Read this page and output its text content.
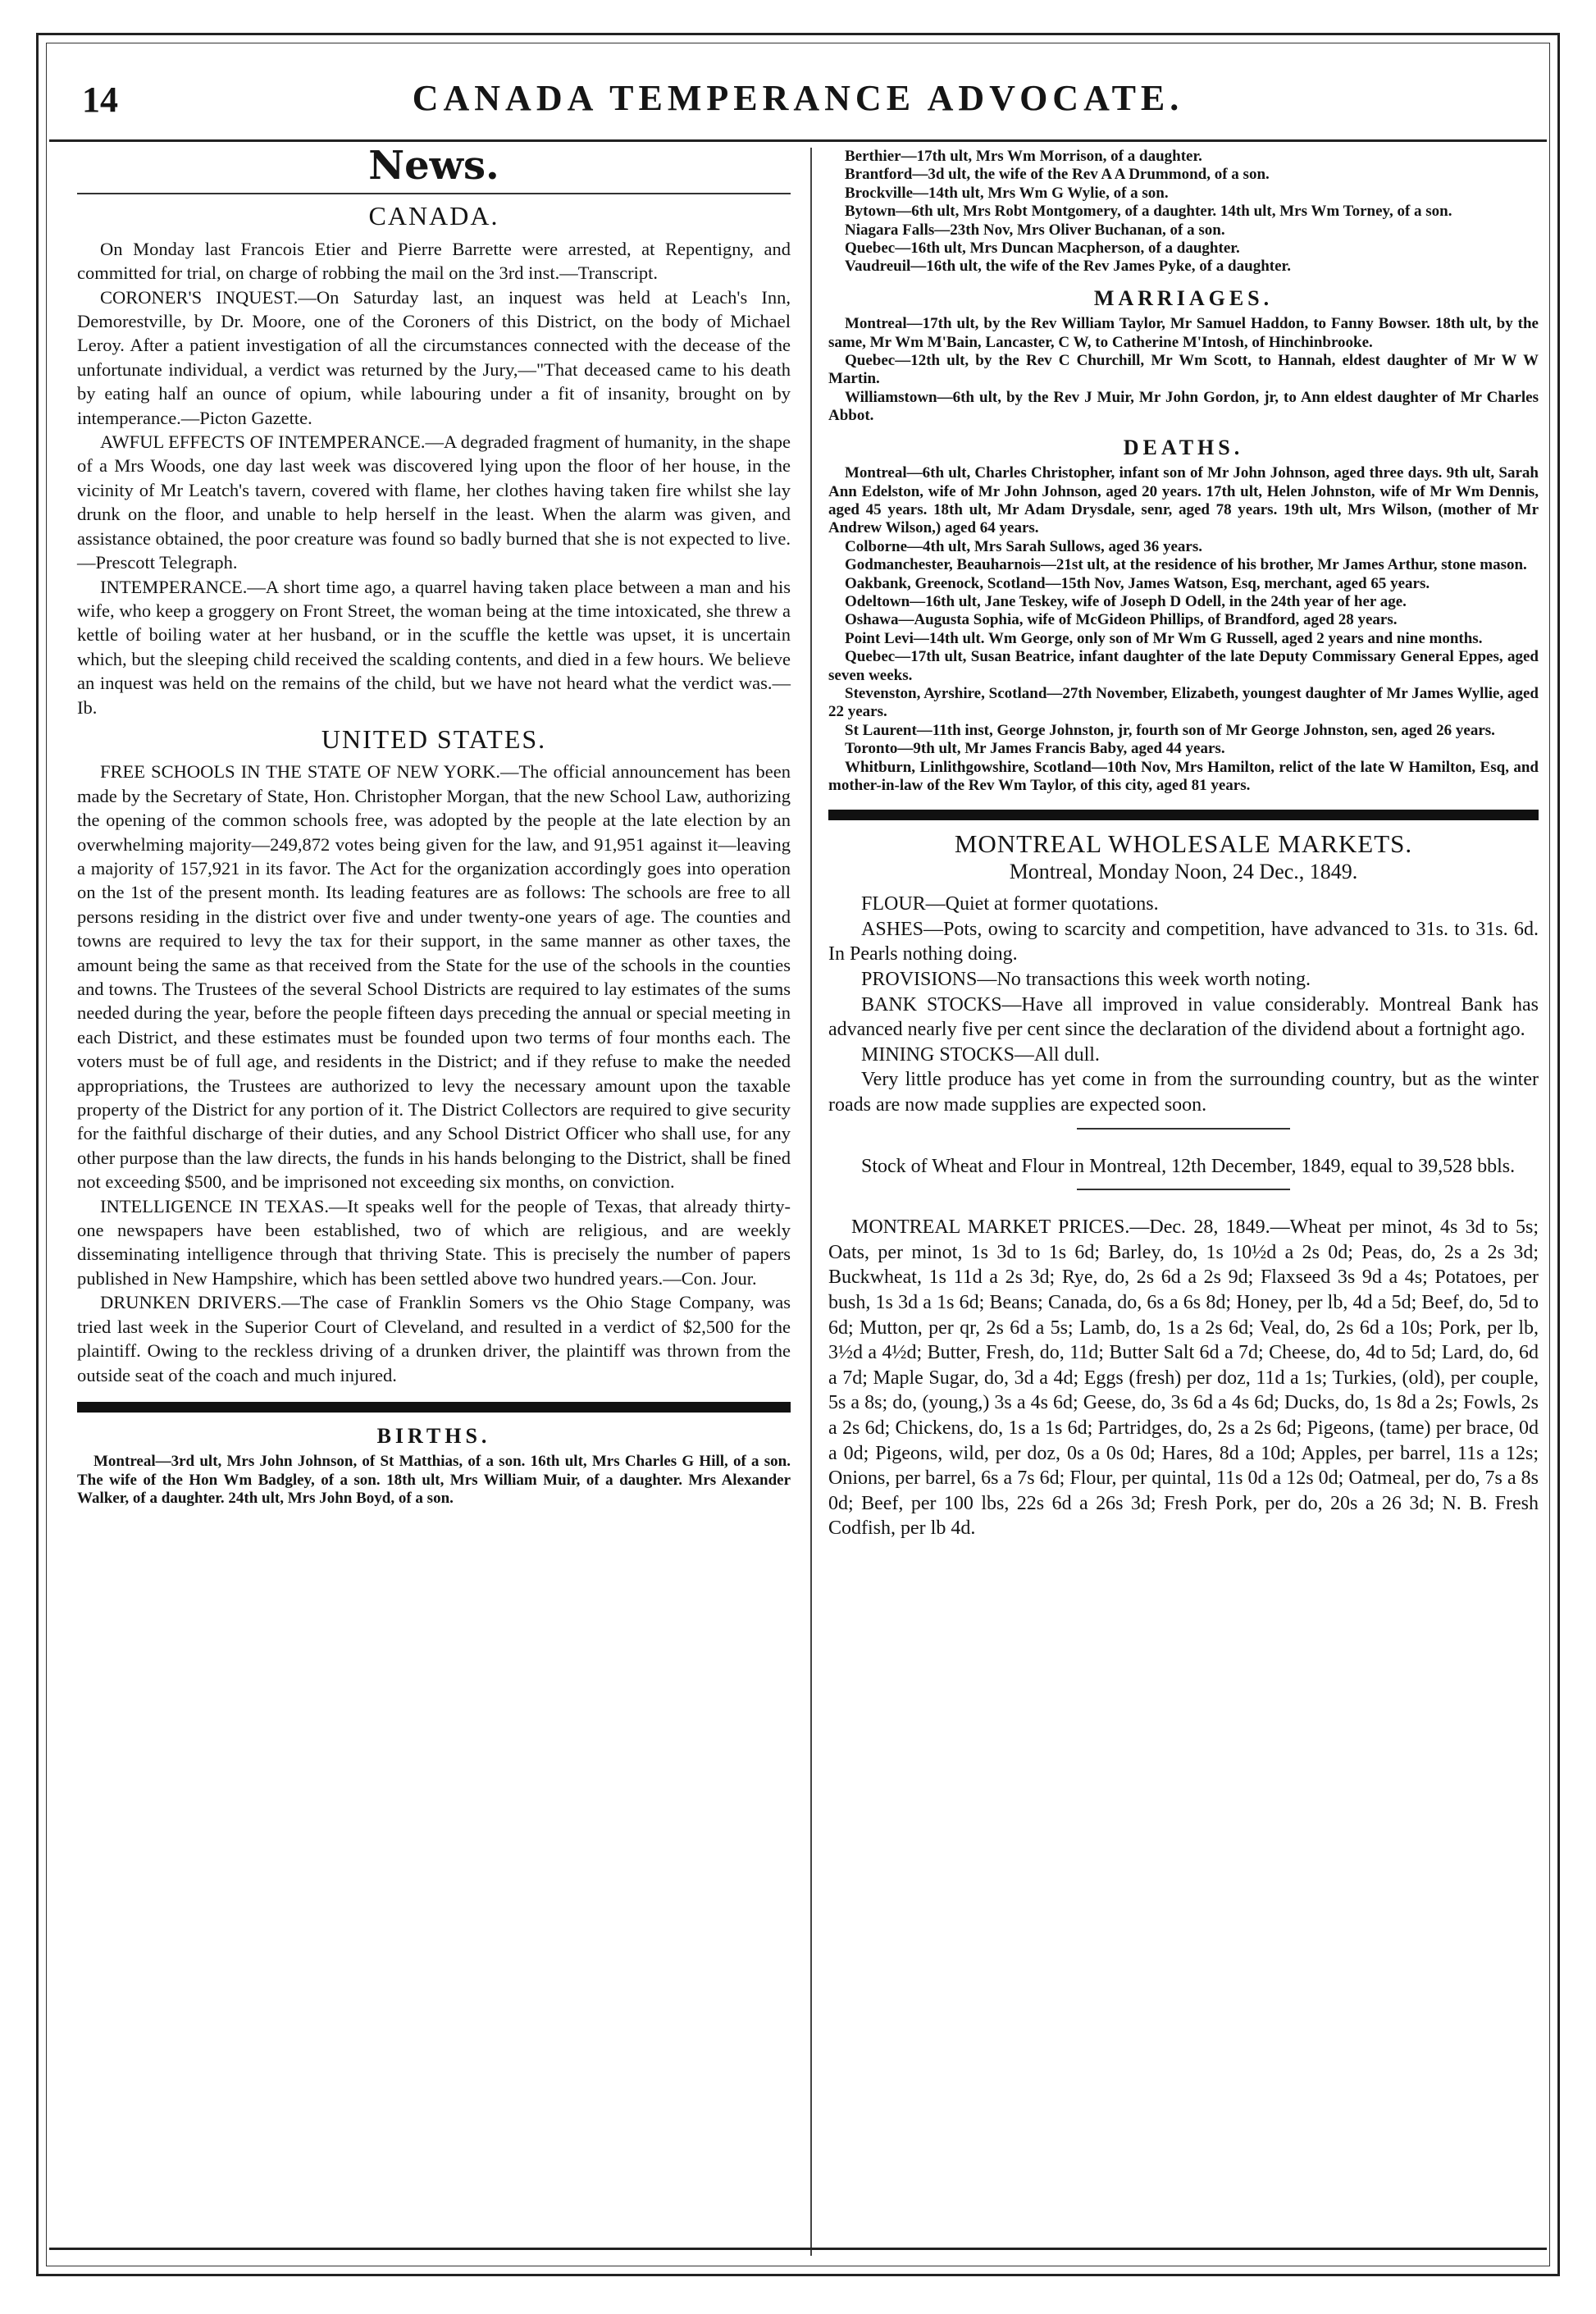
14	CANADA TEMPERANCE ADVOCATE.
News.
CANADA.

On Monday last Francois Etier and Pierre Barrette were arrested, at Repentigny, and committed for trial, on charge of robbing the mail on the 3rd inst.—Transcript.

CORONER'S INQUEST.—On Saturday last, an inquest was held at Leach's Inn, Demorestville, by Dr. Moore, one of the Coroners of this District, on the body of Michael Leroy. After a patient investigation of all the circumstances connected with the decease of the unfortunate individual, a verdict was returned by the Jury,—"That deceased came to his death by eating half an ounce of opium, while labouring under a fit of insanity, brought on by intemperance.—Picton Gazette.

AWFUL EFFECTS OF INTEMPERANCE.—A degraded fragment of humanity, in the shape of a Mrs Woods, one day last week was discovered lying upon the floor of her house, in the vicinity of Mr Leatch's tavern, covered with flame, her clothes having taken fire whilst she lay drunk on the floor, and unable to help herself in the least. When the alarm was given, and assistance obtained, the poor creature was found so badly burned that she is not expected to live.—Prescott Telegraph.

INTEMPERANCE.—A short time ago, a quarrel having taken place between a man and his wife, who keep a groggery on Front Street, the woman being at the time intoxicated, she threw a kettle of boiling water at her husband, or in the scuffle the kettle was upset, it is uncertain which, but the sleeping child received the scalding contents, and died in a few hours. We believe an inquest was held on the remains of the child, but we have not heard what the verdict was.—Ib.

UNITED STATES.

FREE SCHOOLS IN THE STATE OF NEW YORK.—The official announcement has been made by the Secretary of State, Hon. Christopher Morgan, that the new School Law, authorizing the opening of the common schools free, was adopted by the people at the late election by an overwhelming majority—249,872 votes being given for the law, and 91,951 against it—leaving a majority of 157,921 in its favor. The Act for the organization accordingly goes into operation on the 1st of the present month. Its leading features are as follows: The schools are free to all persons residing in the district over five and under twenty-one years of age. The counties and towns are required to levy the tax for their support, in the same manner as other taxes, the amount being the same as that received from the State for the use of the schools in the counties and towns. The Trustees of the several School Districts are required to lay estimates of the sums needed during the year, before the people fifteen days preceding the annual or special meeting in each District, and these estimates must be founded upon two terms of four months each. The voters must be of full age, and residents in the District; and if they refuse to make the needed appropriations, the Trustees are authorized to levy the necessary amount upon the taxable property of the District for any portion of it. The District Collectors are required to give security for the faithful discharge of their duties, and any School District Officer who shall use, for any other purpose than the law directs, the funds in his hands belonging to the District, shall be fined not exceeding $500, and be imprisoned not exceeding six months, on conviction.

INTELLIGENCE IN TEXAS.—It speaks well for the people of Texas, that already thirty-one newspapers have been established, two of which are religious, and are weekly disseminating intelligence through that thriving State. This is precisely the number of papers published in New Hampshire, which has been settled above two hundred years.—Con. Jour.

DRUNKEN DRIVERS.—The case of Franklin Somers vs the Ohio Stage Company, was tried last week in the Superior Court of Cleveland, and resulted in a verdict of $2,500 for the plaintiff. Owing to the reckless driving of a drunken driver, the plaintiff was thrown from the outside seat of the coach and much injured.

BIRTHS.

Montreal—3rd ult, Mrs John Johnson, of St Matthias, of a son. 16th ult, Mrs Charles G Hill, of a son. The wife of the Hon Wm Badgley, of a son. 18th ult, Mrs William Muir, of a daughter. Mrs Alexander Walker, of a daughter. 24th ult, Mrs John Boyd, of a son.

Berthier—17th ult, Mrs Wm Morrison, of a daughter.

Brantford—3d ult, the wife of the Rev A A Drummond, of a son.

Brockville—14th ult, Mrs Wm G Wylie, of a son.

Bytown—6th ult, Mrs Robt Montgomery, of a daughter. 14th ult, Mrs Wm Torney, of a son.

Niagara Falls—23th Nov, Mrs Oliver Buchanan, of a son.

Quebec—16th ult, Mrs Duncan Macpherson, of a daughter.

Vaudreuil—16th ult, the wife of the Rev James Pyke, of a daughter.

MARRIAGES.

Montreal—17th ult, by the Rev William Taylor, Mr Samuel Haddon, to Fanny Bowser. 18th ult, by the same, Mr Wm M'Bain, Lancaster, C W, to Catherine M'Intosh, of Hinchinbrooke.

Quebec—12th ult, by the Rev C Churchill, Mr Wm Scott, to Hannah, eldest daughter of Mr W W Martin.

Williamstown—6th ult, by the Rev J Muir, Mr John Gordon, jr, to Ann eldest daughter of Mr Charles Abbot.

DEATHS.

Montreal—6th ult, Charles Christopher, infant son of Mr John Johnson, aged three days. 9th ult, Sarah Ann Edelston, wife of Mr John Johnson, aged 20 years. 17th ult, Helen Johnston, wife of Mr Wm Dennis, aged 45 years. 18th ult, Mr Adam Drysdale, senr, aged 78 years. 19th ult, Mrs Wilson, (mother of Mr Andrew Wilson,) aged 64 years.

Colborne—4th ult, Mrs Sarah Sullows, aged 36 years.

Godmanchester, Beauharnois—21st ult, at the residence of his brother, Mr James Arthur, stone mason.

Oakbank, Greenock, Scotland—15th Nov, James Watson, Esq, merchant, aged 65 years.

Odeltown—16th ult, Jane Teskey, wife of Joseph D Odell, in the 24th year of her age.

Oshawa—Augusta Sophia, wife of McGideon Phillips, of Brandford, aged 28 years.

Point Levi—14th ult. Wm George, only son of Mr Wm G Russell, aged 2 years and nine months.

Quebec—17th ult, Susan Beatrice, infant daughter of the late Deputy Commissary General Eppes, aged seven weeks.

Stevenston, Ayrshire, Scotland—27th November, Elizabeth, youngest daughter of Mr James Wyllie, aged 22 years.

St Laurent—11th inst, George Johnston, jr, fourth son of Mr George Johnston, sen, aged 26 years.

Toronto—9th ult, Mr James Francis Baby, aged 44 years.

Whitburn, Linlithgowshire, Scotland—10th Nov, Mrs Hamilton, relict of the late W Hamilton, Esq, and mother-in-law of the Rev Wm Taylor, of this city, aged 81 years.

MONTREAL WHOLESALE MARKETS.
Montreal, Monday Noon, 24 Dec., 1849.

FLOUR—Quiet at former quotations.

ASHES—Pots, owing to scarcity and competition, have advanced to 31s. to 31s. 6d. In Pearls nothing doing.

PROVISIONS—No transactions this week worth noting.

BANK STOCKS—Have all improved in value considerably. Montreal Bank has advanced nearly five per cent since the declaration of the dividend about a fortnight ago.

MINING STOCKS—All dull.

Very little produce has yet come in from the surrounding country, but as the winter roads are now made supplies are expected soon.

Stock of Wheat and Flour in Montreal, 12th December, 1849, equal to 39,528 bbls.

MONTREAL MARKET PRICES.—Dec. 28, 1849.—Wheat per minot, 4s 3d to 5s; Oats, per minot, 1s 3d to 1s 6d; Barley, do, 1s 10½d a 2s 0d; Peas, do, 2s a 2s 3d; Buckwheat, 1s 11d a 2s 3d; Rye, do, 2s 6d a 2s 9d; Flaxseed 3s 9d a 4s; Potatoes, per bush, 1s 3d a 1s 6d; Beans; Canada, do, 6s a 6s 8d; Honey, per lb, 4d a 5d; Beef, do, 5d to 6d; Mutton, per qr, 2s 6d a 5s; Lamb, do, 1s a 2s 6d; Veal, do, 2s 6d a 10s; Pork, per lb, 3½d a 4½d; Butter, Fresh, do, 11d; Butter Salt 6d a 7d; Cheese, do, 4d to 5d; Lard, do, 6d a 7d; Maple Sugar, do, 3d a 4d; Eggs (fresh) per doz, 11d a 1s; Turkies, (old), per couple, 5s a 8s; do, (young,) 3s a 4s 6d; Geese, do, 3s 6d a 4s 6d; Ducks, do, 1s 8d a 2s; Fowls, 2s a 2s 6d; Chickens, do, 1s a 1s 6d; Partridges, do, 2s a 2s 6d; Pigeons, (tame) per brace, 0d a 0d; Pigeons, wild, per doz, 0s a 0s 0d; Hares, 8d a 10d; Apples, per barrel, 11s a 12s; Onions, per barrel, 6s a 7s 6d; Flour, per quintal, 11s 0d a 12s 0d; Oatmeal, per do, 7s a 8s 0d; Beef, per 100 lbs, 22s 6d a 26s 3d; Fresh Pork, per do, 20s a 26 3d; N. B. Fresh Codfish, per lb 4d.
